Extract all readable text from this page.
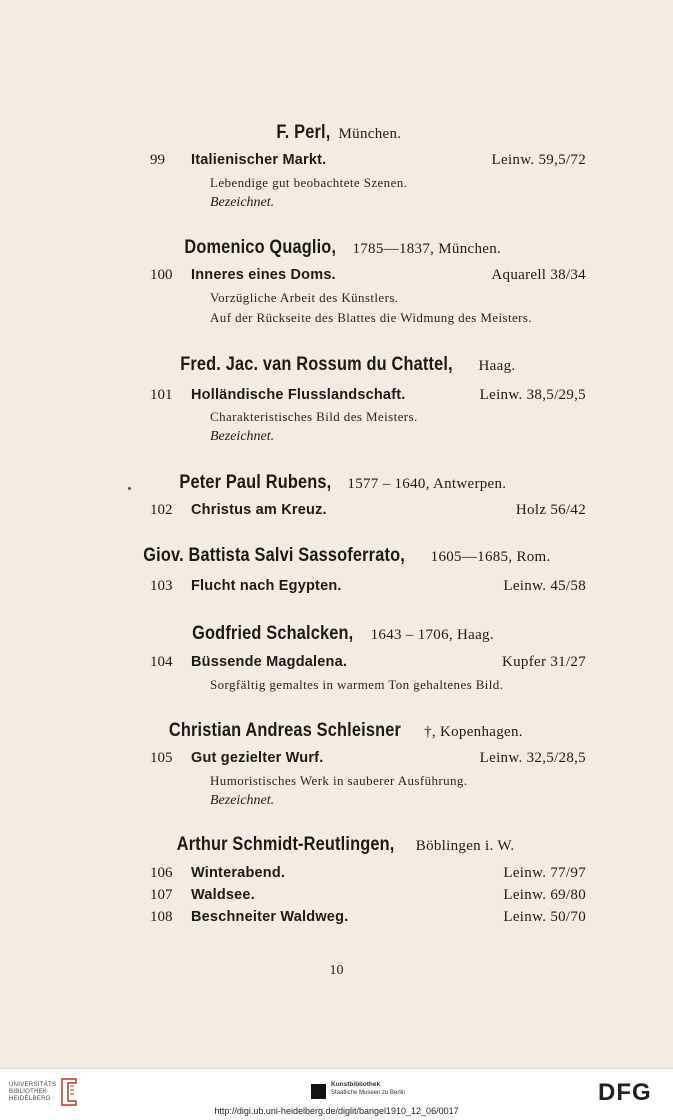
F. Perl, München.
99 Italienischer Markt.	Leinw. 59,5/72
Lebendige gut beobachtete Szenen.
Bezeichnet.
Domenico Quaglio, 1785—1837, München.
100 Inneres eines Doms.	Aquarell 38/34
Vorzügliche Arbeit des Künstlers.
Auf der Rückseite des Blattes die Widmung des Meisters.
Fred. Jac. van Rossum du Chattel, Haag.
101 Holländische Flusslandschaft.	Leinw. 38,5/29,5
Charakteristisches Bild des Meisters.
Bezeichnet.
Peter Paul Rubens, 1577 – 1640, Antwerpen.
102 Christus am Kreuz.	Holz 56/42
Giov. Battista Salvi Sassoferrato, 1605—1685, Rom.
103 Flucht nach Egypten.	Leinw. 45/58
Godfried Schalcken, 1643 – 1706, Haag.
104 Büssende Magdalena.	Kupfer 31/27
Sorgfältig gemaltes in warmem Ton gehaltenes Bild.
Christian Andreas Schleisner †, Kopenhagen.
105 Gut gezielter Wurf.	Leinw. 32,5/28,5
Humoristisches Werk in sauberer Ausführung.
Bezeichnet.
Arthur Schmidt-Reutlingen, Böblingen i. W.
106 Winterabend.	Leinw. 77/97
107 Waldsee.	Leinw. 69/80
108 Beschneiter Waldweg.	Leinw. 50/70
10
UNIVERSITÄTS
BIBLIOTHEK
HEIDELBERG
Kunstbibliothek
Staatliche Museen zu Berlin	DFG
http://digi.ub.uni-heidelberg.de/diglit/bangel1910_12_06/0017
